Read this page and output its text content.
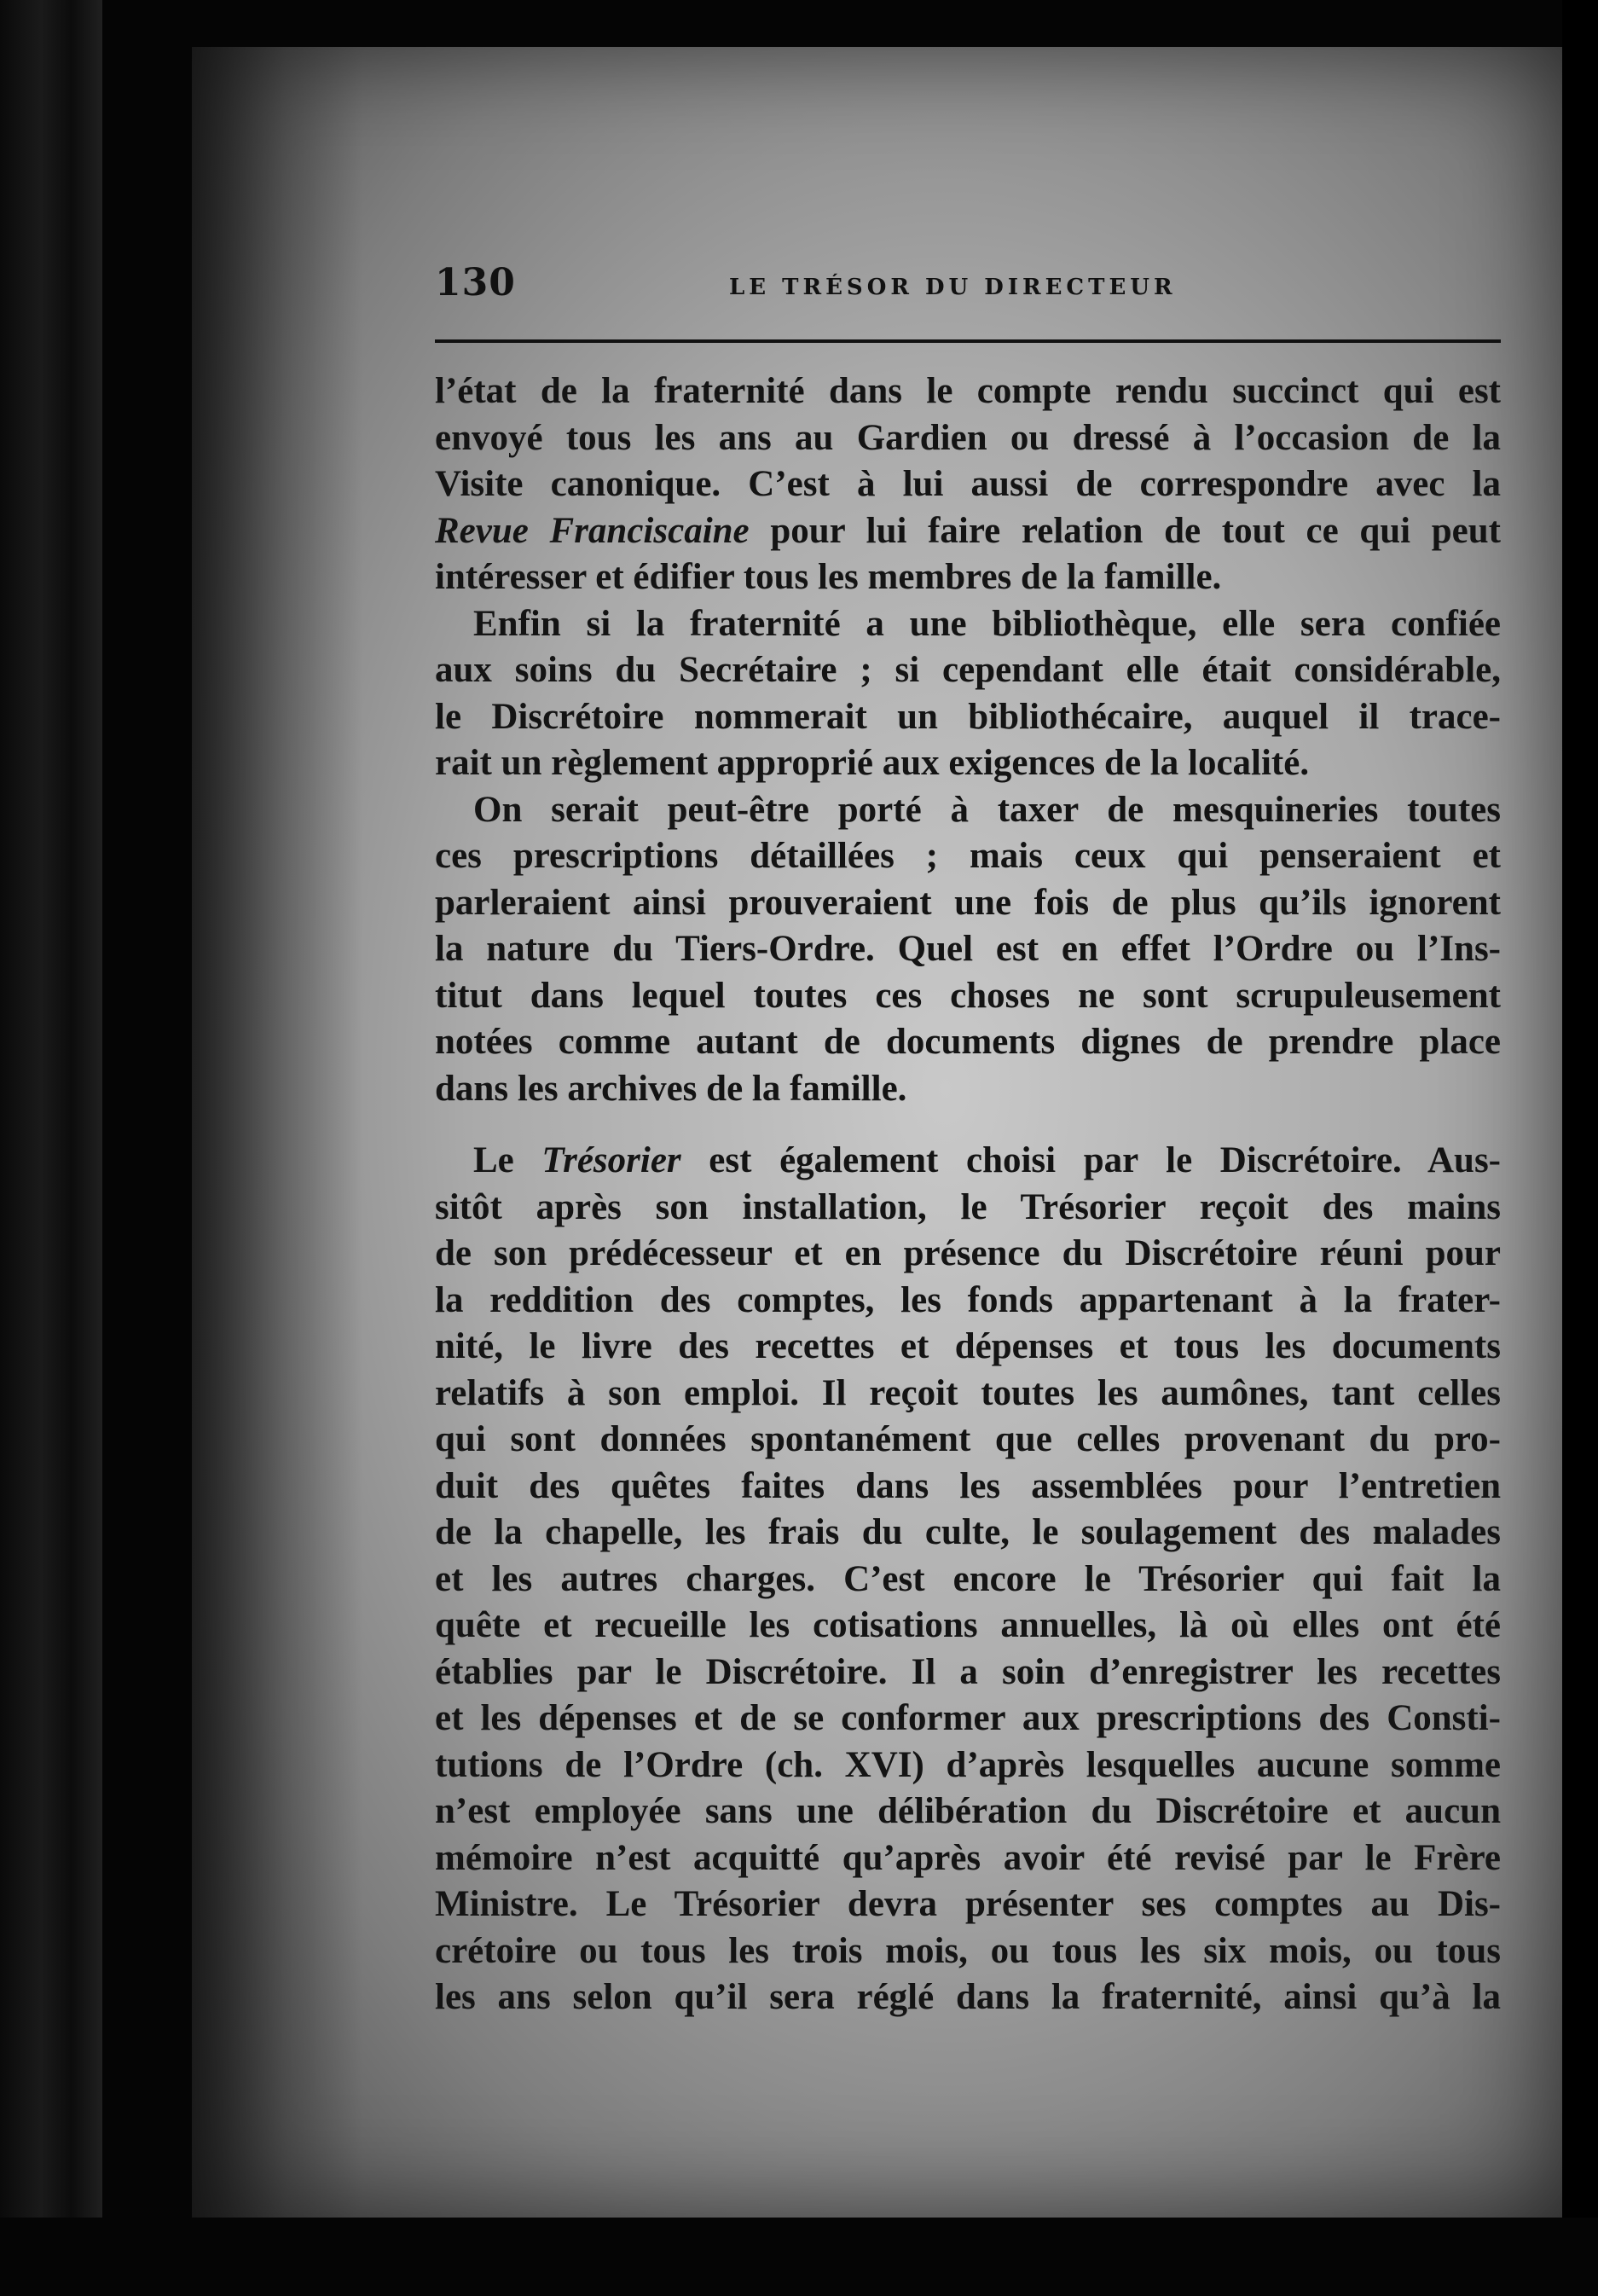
130	LE TRÉSOR DU DIRECTEUR
l’état de la fraternité dans le compte rendu succinct qui est
envoyé tous les ans au Gardien ou dressé à l’occasion de la
Visite canonique. C’est à lui aussi de correspondre avec la
Revue Franciscaine pour lui faire relation de tout ce qui peut
intéresser et édifier tous les membres de la famille.
Enfin si la fraternité a une bibliothèque, elle sera confiée
aux soins du Secrétaire ; si cependant elle était considérable,
le Discrétoire nommerait un bibliothécaire, auquel il tracе-
rait un règlement approprié aux exigences de la localité.
On serait peut-être porté à taxer de mesquineries toutes
ces prescriptions détaillées ; mais ceux qui penseraient et
parleraient ainsi prouveraient une fois de plus qu’ils ignorent
la nature du Tiers-Ordre. Quel est en effet l’Ordre ou l’Ins-
titut dans lequel toutes ces choses ne sont scrupuleusement
notées comme autant de documents dignes de prendre place
dans les archives de la famille.
Le Trésorier est également choisi par le Discrétoire. Aus-
sitôt après son installation, le Trésorier reçoit des mains
de son prédécesseur et en présence du Discrétoire réuni pour
la reddition des comptes, les fonds appartenant à la frater-
nité, le livre des recettes et dépenses et tous les documents
relatifs à son emploi. Il reçoit toutes les aumônes, tant celles
qui sont données spontanément que celles provenant du pro-
duit des quêtes faites dans les assemblées pour l’entretien
de la chapelle, les frais du culte, le soulagement des malades
et les autres charges. C’est encore le Trésorier qui fait la
quête et recueille les cotisations annuelles, là où elles ont été
établies par le Discrétoire. Il a soin d’enregistrer les recettes
et les dépenses et de se conformer aux prescriptions des Consti-
tutions de l’Ordre (ch. XVI) d’après lesquelles aucune somme
n’est employée sans une délibération du Discrétoire et aucun
mémoire n’est acquitté qu’après avoir été revisé par le Frère
Ministre. Le Trésorier devra présenter ses comptes au Dis-
crétoire ou tous les trois mois, ou tous les six mois, ou tous
les ans selon qu’il sera réglé dans la fraternité, ainsi qu’à la
